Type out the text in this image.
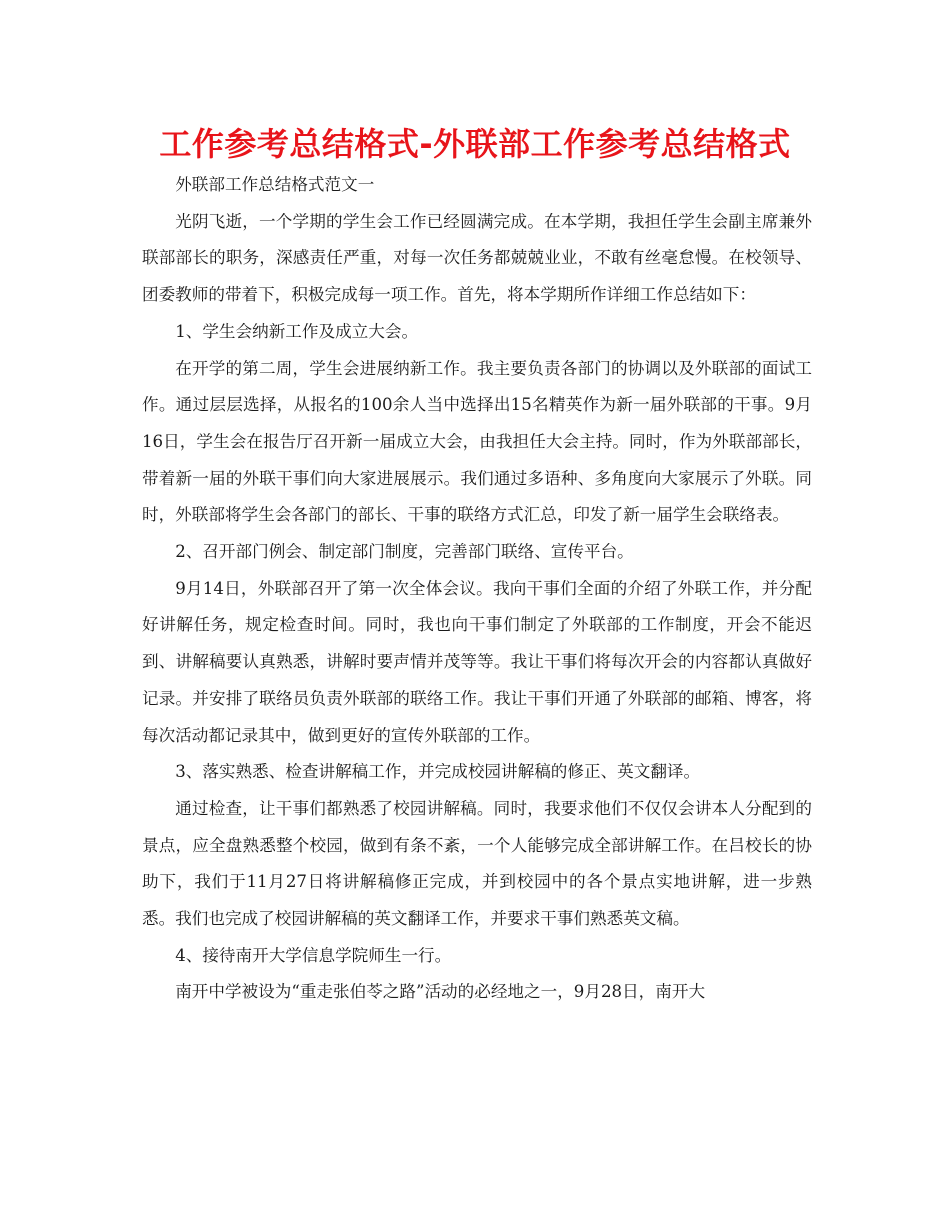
工作参考总结格式-外联部工作参考总结格式

外联部工作总结格式范文一

光阴飞逝，一个学期的学生会工作已经圆满完成。在本学期，我担任学生会副主席兼外联部部长的职务，深感责任严重，对每一次任务都兢兢业业，不敢有丝毫怠慢。在校领导、团委教师的带着下，积极完成每一项工作。首先，将本学期所作详细工作总结如下：

1、学生会纳新工作及成立大会。

在开学的第二周，学生会进展纳新工作。我主要负责各部门的协调以及外联部的面试工作。通过层层选择，从报名的100余人当中选择出15名精英作为新一届外联部的干事。9月16日，学生会在报告厅召开新一届成立大会，由我担任大会主持。同时，作为外联部部长，带着新一届的外联干事们向大家进展展示。我们通过多语种、多角度向大家展示了外联。同时，外联部将学生会各部门的部长、干事的联络方式汇总，印发了新一届学生会联络表。

2、召开部门例会、制定部门制度，完善部门联络、宣传平台。

9月14日，外联部召开了第一次全体会议。我向干事们全面的介绍了外联工作，并分配好讲解任务，规定检查时间。同时，我也向干事们制定了外联部的工作制度，开会不能迟到、讲解稿要认真熟悉，讲解时要声情并茂等等。我让干事们将每次开会的内容都认真做好记录。并安排了联络员负责外联部的联络工作。我让干事们开通了外联部的邮箱、博客，将每次活动都记录其中，做到更好的宣传外联部的工作。

3、落实熟悉、检查讲解稿工作，并完成校园讲解稿的修正、英文翻译。

通过检查，让干事们都熟悉了校园讲解稿。同时，我要求他们不仅仅会讲本人分配到的景点，应全盘熟悉整个校园，做到有条不紊，一个人能够完成全部讲解工作。在吕校长的协助下，我们于11月27日将讲解稿修正完成，并到校园中的各个景点实地讲解，进一步熟悉。我们也完成了校园讲解稿的英文翻译工作，并要求干事们熟悉英文稿。

4、接待南开大学信息学院师生一行。

南开中学被设为“重走张伯苓之路”活动的必经地之一，9月28日，南开大
